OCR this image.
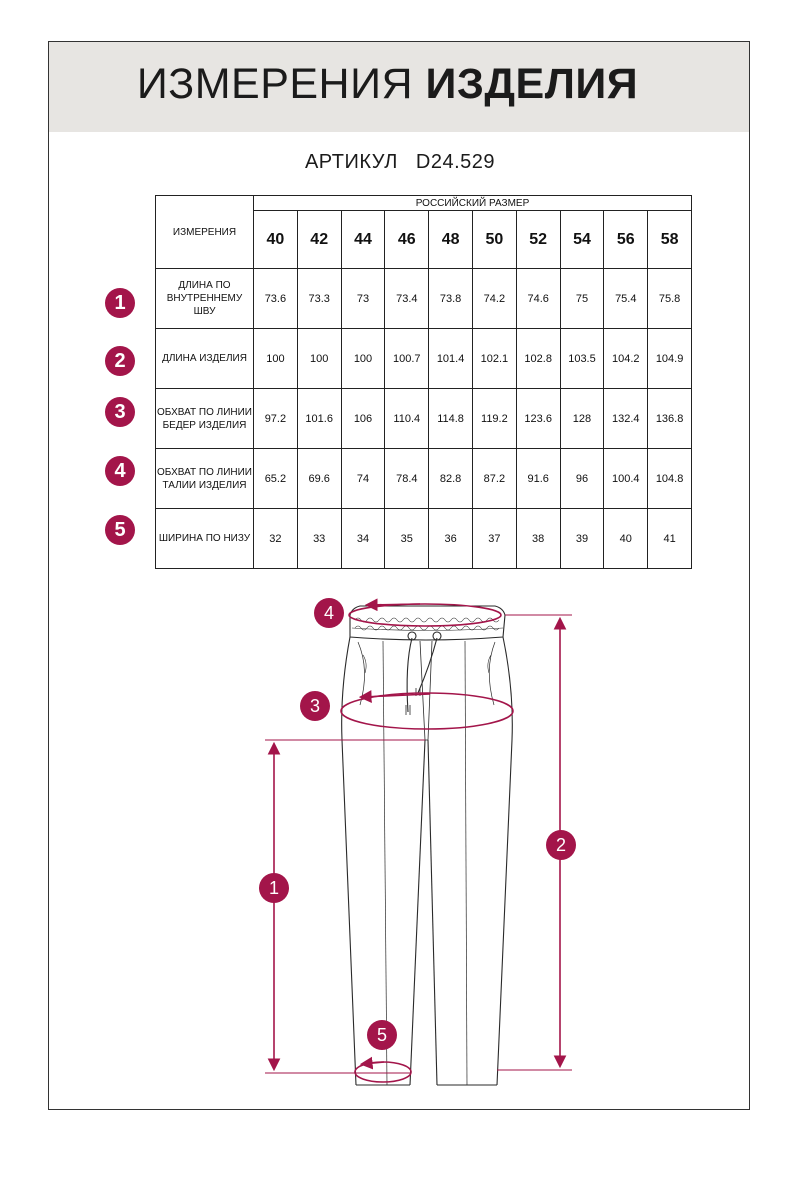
ИЗМЕРЕНИЯ ИЗДЕЛИЯ
АРТИКУЛ D24.529
ИЗМЕРЕНИЯ	РОССИЙСКИЙ РАЗМЕР									
	40	42	44	46	48	50	52	54	56	58
ДЛИНА ПО ВНУТРЕННЕМУ ШВУ	73.6	73.3	73	73.4	73.8	74.2	74.6	75	75.4	75.8
ДЛИНА ИЗДЕЛИЯ	100	100	100	100.7	101.4	102.1	102.8	103.5	104.2	104.9
ОБХВАТ ПО ЛИНИИ БЕДЕР ИЗДЕЛИЯ	97.2	101.6	106	110.4	114.8	119.2	123.6	128	132.4	136.8
ОБХВАТ ПО ЛИНИИ ТАЛИИ ИЗДЕЛИЯ	65.2	69.6	74	78.4	82.8	87.2	91.6	96	100.4	104.8
ШИРИНА ПО НИЗУ	32	33	34	35	36	37	38	39	40	41
1
2
3
4
5
4
3
2
1
5
